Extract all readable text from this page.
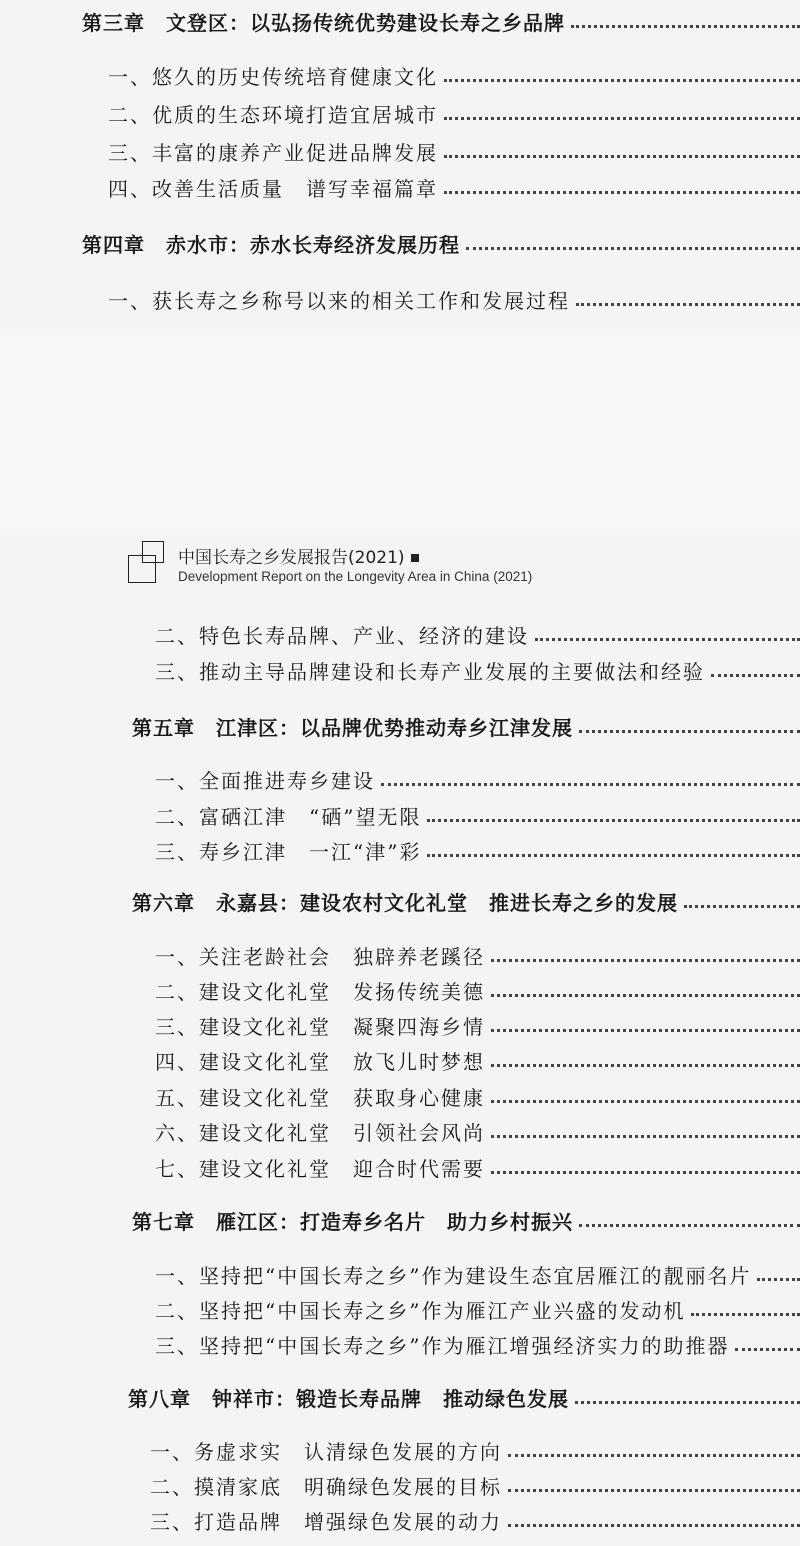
第三章　文登区：以弘扬传统优势建设长寿之乡品牌
一、悠久的历史传统培育健康文化
二、优质的生态环境打造宜居城市
三、丰富的康养产业促进品牌发展
四、改善生活质量　谱写幸福篇章
第四章　赤水市：赤水长寿经济发展历程
一、获长寿之乡称号以来的相关工作和发展过程
中国长寿之乡发展报告(2021)
Development Report on the Longevity Area in China (2021)
二、特色长寿品牌、产业、经济的建设
三、推动主导品牌建设和长寿产业发展的主要做法和经验
第五章　江津区：以品牌优势推动寿乡江津发展
一、全面推进寿乡建设
二、富硒江津　“硒”望无限
三、寿乡江津　一江“津”彩
第六章　永嘉县：建设农村文化礼堂　推进长寿之乡的发展
一、关注老龄社会　独辟养老蹊径
二、建设文化礼堂　发扬传统美德
三、建设文化礼堂　凝聚四海乡情
四、建设文化礼堂　放飞儿时梦想
五、建设文化礼堂　获取身心健康
六、建设文化礼堂　引领社会风尚
七、建设文化礼堂　迎合时代需要
第七章　雁江区：打造寿乡名片　助力乡村振兴
一、坚持把“中国长寿之乡”作为建设生态宜居雁江的靓丽名片
二、坚持把“中国长寿之乡”作为雁江产业兴盛的发动机
三、坚持把“中国长寿之乡”作为雁江增强经济实力的助推器
第八章　钟祥市：锻造长寿品牌　推动绿色发展
一、务虚求实　认清绿色发展的方向
二、摸清家底　明确绿色发展的目标
三、打造品牌　增强绿色发展的动力
